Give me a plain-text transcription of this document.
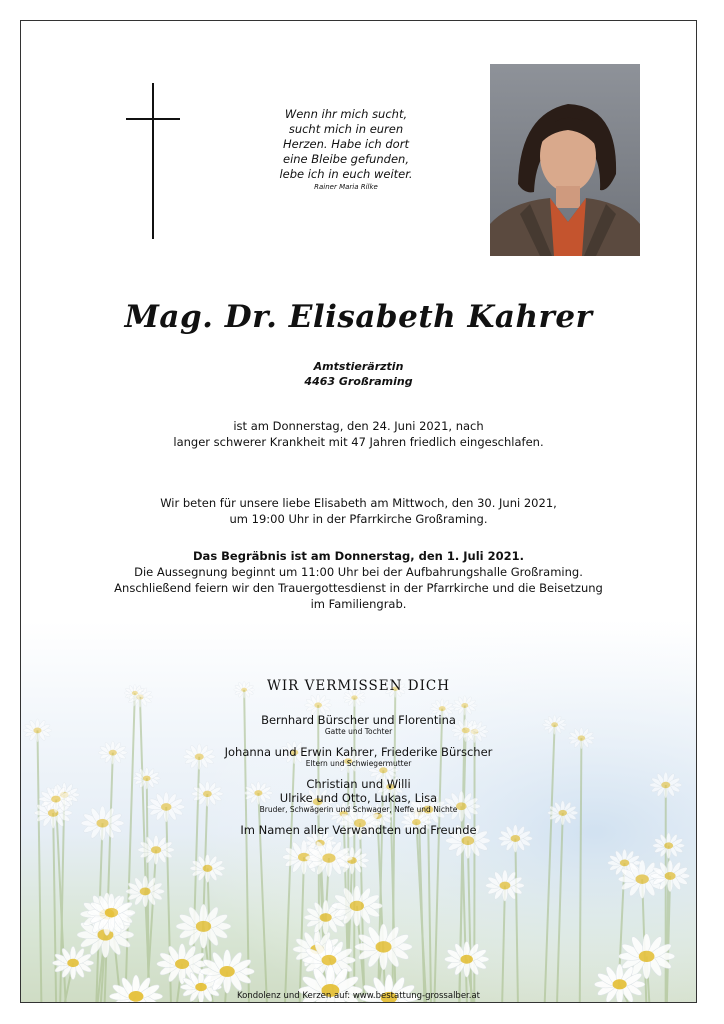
Wenn ihr mich sucht,
sucht mich in euren
Herzen. Habe ich dort
eine Bleibe gefunden,
lebe ich in euch weiter.
Rainer Maria Rilke
Mag. Dr. Elisabeth Kahrer
Amtstierärztin
4463 Großraming
ist am Donnerstag, den 24. Juni 2021, nach
langer schwerer Krankheit mit 47 Jahren friedlich eingeschlafen.
Wir beten für unsere liebe Elisabeth am Mittwoch, den 30. Juni 2021,
um 19:00 Uhr in der Pfarrkirche Großraming.
Das Begräbnis ist am Donnerstag, den 1. Juli 2021.
Die Aussegnung beginnt um 11:00 Uhr bei der Aufbahrungshalle Großraming.
Anschließend feiern wir den Trauergottesdienst in der Pfarrkirche und die Beisetzung
im Familiengrab.
WIR VERMISSEN DICH
Bernhard Bürscher und Florentina
Gatte und Tochter
Johanna und Erwin Kahrer, Friederike Bürscher
Eltern und Schwiegermutter
Christian und Willi
Ulrike und Otto, Lukas, Lisa
Bruder, Schwägerin und Schwager, Neffe und Nichte
Im Namen aller Verwandten und Freunde
Kondolenz und Kerzen auf: www.bestattung-grossalber.at
